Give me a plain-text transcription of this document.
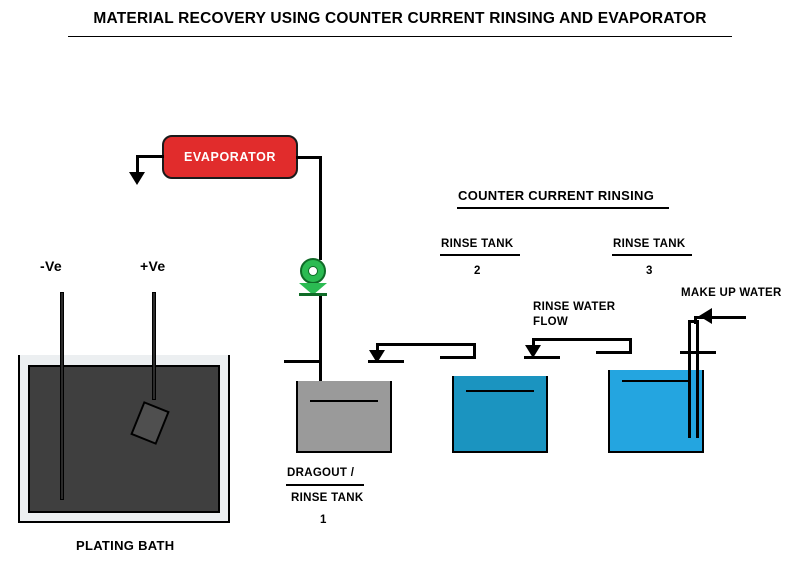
MATERIAL RECOVERY USING COUNTER CURRENT RINSING AND EVAPORATOR
EVAPORATOR
-Ve	+Ve
PLATING BATH
DRAGOUT /
RINSE TANK
1
RINSE TANK
2
RINSE TANK
3
COUNTER CURRENT RINSING
RINSE WATER
FLOW
MAKE UP WATER
